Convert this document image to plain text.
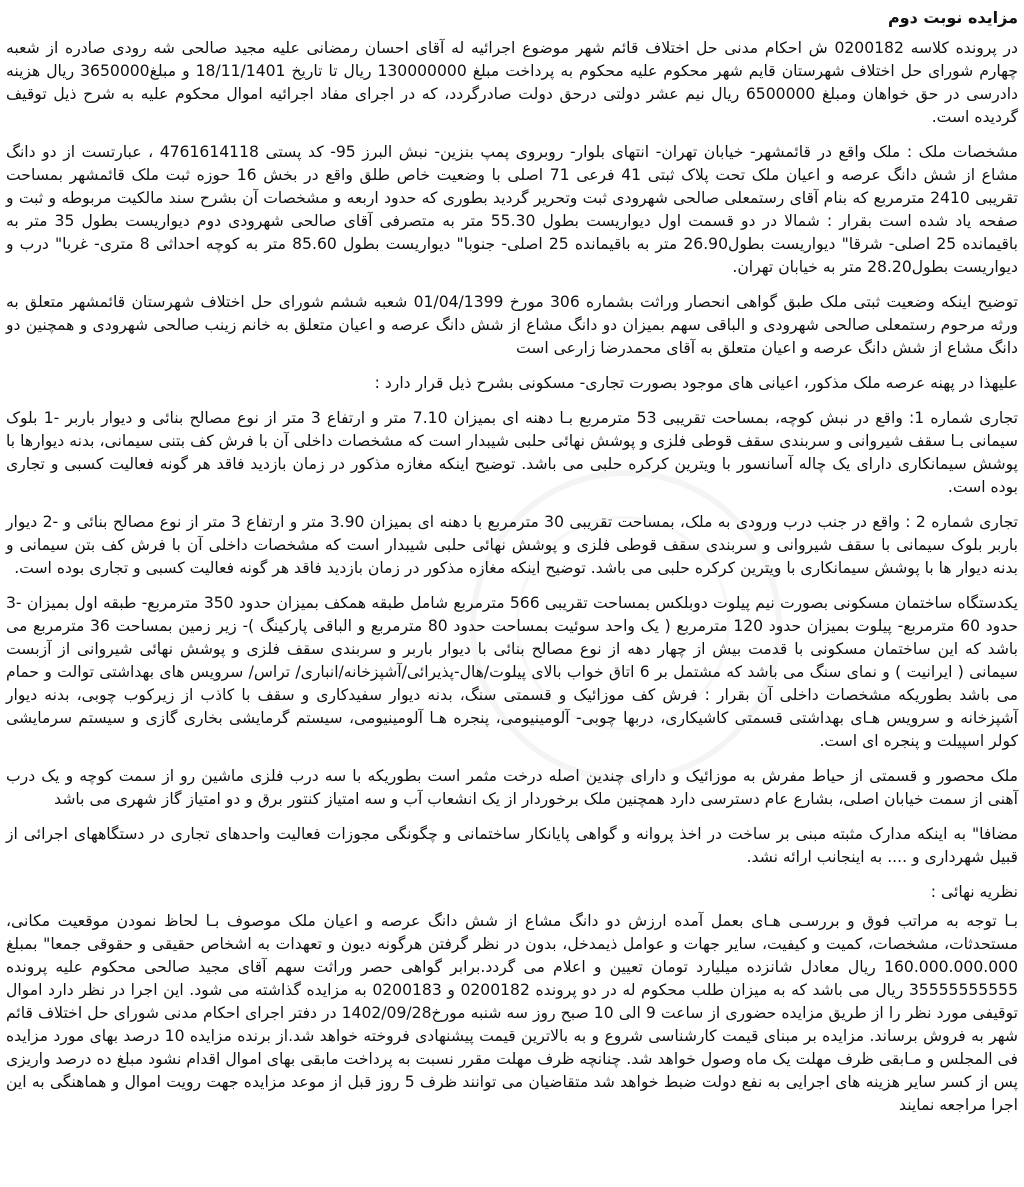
مزایده نوبت دوم
در پرونده کلاسه 0200182 ش احکام مدنی حل اختلاف قائم شهر موضوع اجرائیه له آقای احسان رمضانی علیه مجید صالحی شه رودی صادره از شعبه چهارم شورای حل اختلاف شهرستان قایم شهر محکوم علیه محکوم به پرداخت مبلغ 130000000 ریال تا تاریخ 18/11/1401 و مبلغ3650000 ریال هزینه دادرسی در حق خواهان ومبلغ 6500000 ریال نیم عشر دولتی درحق دولت صادرگردد، که در اجرای مفاد اجرائیه اموال محکوم علیه به شرح ذیل توقیف گردیده است.
مشخصات ملک : ملک واقع در قائمشهر- خیابان تهران- انتهای بلوار- روبروی پمپ بنزین- نبش البرز 95- کد پستی 4761614118 ، عبارتست از دو دانگ مشاع از شش دانگ عرصه و اعیان ملک تحت پلاک ثبتی 41 فرعی 71 اصلی با وضعیت خاص طلق واقع در بخش 16 حوزه ثبت ملک قائمشهر بمساحت تقریبی 2410 مترمربع که بنام آقای رستمعلی صالحی شهرودی ثبت وتحریر گردید بطوری که حدود اربعه و مشخصات آن بشرح سند مالکیت مربوطه و ثبت و صفحه یاد شده است بقرار : شمالا در دو قسمت اول دیواریست بطول 55.30 متر به متصرفی آقای صالحی شهرودی دوم دیواریست بطول 35 متر به باقیمانده 25 اصلی- شرقا" دیواریست بطول26.90 متر به باقیمانده 25 اصلی- جنوبا" دیواریست بطول 85.60 متر به کوچه احداثی 8 متری- غربا" درب و دیواریست بطول28.20 متر به خیابان تهران.
توضیح اینکه وضعیت ثبتی ملک طبق گواهی انحصار وراثت بشماره 306 مورخ 01/04/1399 شعبه ششم شورای حل اختلاف شهرستان قائمشهر متعلق به ورثه مرحوم رستمعلی صالحی شهرودی و الباقی سهم بمیزان دو دانگ مشاع از شش دانگ عرصه و اعیان متعلق به خانم زینب صالحی شهرودی و همچنین دو دانگ مشاع از شش دانگ عرصه و اعیان متعلق به آقای محمدرضا زارعی است
علیهذا در پهنه عرصه ملک مذکور، اعیانی های موجود بصورت تجاری- مسکونی بشرح ذیل قرار دارد :
تجاری شماره 1: واقع در نبش کوچه، بمساحت تقریبی 53 مترمربع بـا دهنه ای بمیزان 7.10 متر و ارتفاع 3 متر از نوع مصالح بنائی و دیوار باربر -1 بلوک سیمانی بـا سقف شیروانی و سربندی سقف قوطی فلزی و پوشش نهائی حلبی شیبدار است که مشخصات داخلی آن با فرش کف بتنی سیمانی، بدنه دیوارها با پوشش سیمانکاری دارای یک چاله آسانسور با ویترین کرکره حلبی می باشد. توضیح اینکه مغازه مذکور در زمان بازدید فاقد هر گونه فعالیت کسبی و تجاری بوده است.
تجاری شماره 2 : واقع در جنب درب ورودی به ملک، بمساحت تقریبی 30 مترمربع با دهنه ای بمیزان 3.90 متر و ارتفاع 3 متر از نوع مصالح بنائی و -2 دیوار باربر بلوک سیمانی با سقف شیروانی و سربندی سقف قوطی فلزی و پوشش نهائی حلبی شیبدار است که مشخصات داخلی آن با فرش کف بتن سیمانی و بدنه دیوار ها با پوشش سیمانکاری با ویترین کرکره حلبی می باشد. توضیح اینکه مغازه مذکور در زمان بازدید فاقد هر گونه فعالیت کسبی و تجاری بوده است.
یکدستگاه ساختمان مسکونی بصورت نیم پیلوت دوبلکس بمساحت تقریبی 566 مترمربع شامل طبقه همکف بمیزان حدود 350 مترمربع- طبقه اول بمیزان -3 حدود 60 مترمربع- پیلوت بمیزان حدود 120 مترمربع ( یک واحد سوئیت بمساحت حدود 80 مترمربع و الباقی پارکینگ )- زیر زمین بمساحت 36 مترمربع می باشد که این ساختمان مسکونی با قدمت بیش از چهار دهه از نوع مصالح بنائی با دیوار باربر و سربندی سقف فلزی و پوشش نهائی شیروانی از آزبست سیمانی ( ایرانیت ) و نمای سنگ می باشد که مشتمل بر 6 اتاق خواب بالای پیلوت/هال-پذیرائی/آشپزخانه/انباری/ تراس/ سرویس های بهداشتی توالت و حمام می باشد بطوریکه مشخصات داخلی آن بقرار : فرش کف موزائیک و قسمتی سنگ، بدنه دیوار سفیدکاری و سقف با کاذب از زیرکوب چوبی، بدنه دیوار آشپزخانه و سرویس هـای بهداشتی قسمتی کاشیکاری، دربها چوبی- آلومینیومی، پنجره هـا آلومینیومی، سیستم گرمایشی بخاری گازی و سیستم سرمایشی کولر اسپیلت و پنجره ای است.
ملک محصور و قسمتی از حیاط مفرش به موزائیک و دارای چندین اصله درخت مثمر است بطوریکه با سه درب فلزی ماشین رو از سمت کوچه و یک درب آهنی از سمت خیابان اصلی، بشارع عام دسترسی دارد همچنین ملک برخوردار از یک انشعاب آب و سه امتیاز کنتور برق و دو امتیاز گاز شهری می باشد
مضافا" به اینکه مدارک مثبته مبنی بر ساخت در اخذ پروانه و گواهی پایانکار ساختمانی و چگونگی مجوزات فعالیت واحدهای تجاری در دستگاههای اجرائی از قبیل شهرداری و .... به اینجانب ارائه نشد.
نظریه نهائی :
بـا توجه به مراتب فوق و بررسـی هـای بعمل آمده ارزش دو دانگ مشاع از شش دانگ عرصه و اعیان ملک موصوف بـا لحاظ نمودن موقعیت مکانی، مستحدثات، مشخصات، کمیت و کیفیت، سایر جهات و عوامل ذیمدخل، بدون در نظر گرفتن هرگونه دیون و تعهدات به اشخاص حقیقی و حقوقی جمعا" بمبلغ 160.000.000.000 ریال معادل شانزده میلیارد تومان تعیین و اعلام می گردد.برابر گواهی حصر وراثت سهم آقای مجید صالحی محکوم علیه پرونده 35555555555 ریال می باشد که به میزان طلب محکوم له در دو پرونده 0200182 و 0200183 به مزایده گذاشته می شود. این اجرا در نظر دارد اموال توقیفی مورد نظر را از طریق مزایده حضوری از ساعت 9 الی 10 صبح روز سه شنبه مورخ1402/09/28 در دفتر اجرای احکام مدنی شورای حل اختلاف قائم شهر به فروش برساند. مزایده بر مبنای قیمت کارشناسی شروع و به بالاترین قیمت پیشنهادی فروخته خواهد شد.از برنده مزایده 10 درصد بهای مورد مزایده فی المجلس و مـابقی ظرف مهلت یک ماه وصول خواهد شد. چنانچه ظرف مهلت مقرر نسبت به پرداخت مابقی بهای اموال اقدام نشود مبلغ ده درصد واریزی پس از کسر سایر هزینه های اجرایی به نفع دولت ضبط خواهد شد متقاضیان می توانند ظرف 5 روز قبل از موعد مزایده جهت رویت اموال و هماهنگی به این اجرا مراجعه نمایند
